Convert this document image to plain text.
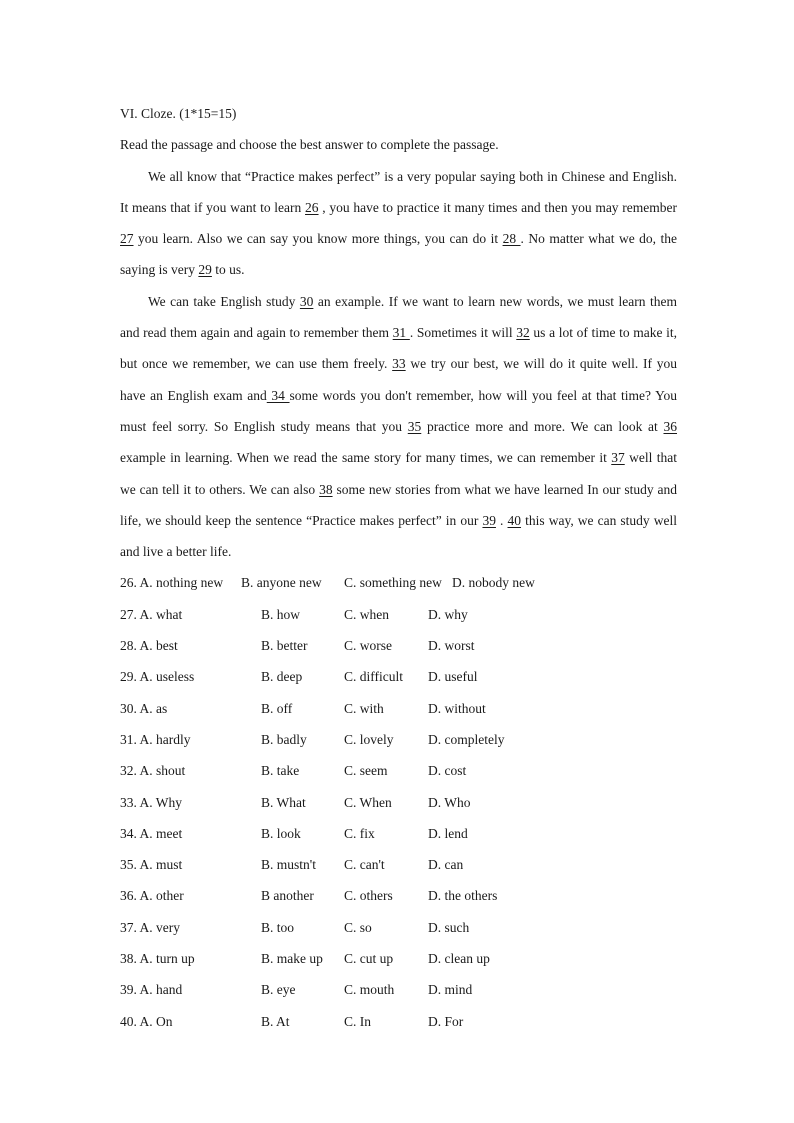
VI. Cloze. (1*15=15)
Read the passage and choose the best answer to complete the passage.
We all know that “Practice makes perfect” is a very popular saying both in Chinese and English. It means that if you want to learn 26 , you have to practice it many times and then you may remember 27 you learn. Also we can say you know more things, you can do it 28 . No matter what we do, the saying is very 29 to us.
We can take English study 30 an example. If we want to learn new words, we must learn them and read them again and again to remember them 31 . Sometimes it will 32 us a lot of time to make it, but once we remember, we can use them freely. 33 we try our best, we will do it quite well. If you have an English exam and 34 some words you don't remember, how will you feel at that time? You must feel sorry. So English study means that you 35 practice more and more. We can look at 36 example in learning. When we read the same story for many times, we can remember it 37 well that we can tell it to others. We can also 38 some new stories from what we have learned In our study and life, we should keep the sentence “Practice makes perfect” in our 39 . 40 this way, we can study well and live a better life.
26. A. nothing new B. anyone new C. something new D. nobody new
27. A. what	B. how	C. when	D. why
28. A. best	B. better	C. worse	D. worst
29. A. useless	B. deep	C. difficult D. useful
30. A. as	B. off	C. with	D. without
31. A. hardly	B. badly	C. lovely	D. completely
32. A. shout	B. take	C. seem	D. cost
33. A. Why	B. What	C. When	D. Who
34. A. meet	B. look	C. fix	D. lend
35. A. must	B. mustn't C. can't	D. can
36. A. other	B another C. others	D. the others
37. A. very	B. too	C. so	D. such
38. A. turn up	B. make up C. cut up	D. clean up
39. A. hand	B. eye	C. mouth D. mind
40. A. On	B. At	C. In	D. For
